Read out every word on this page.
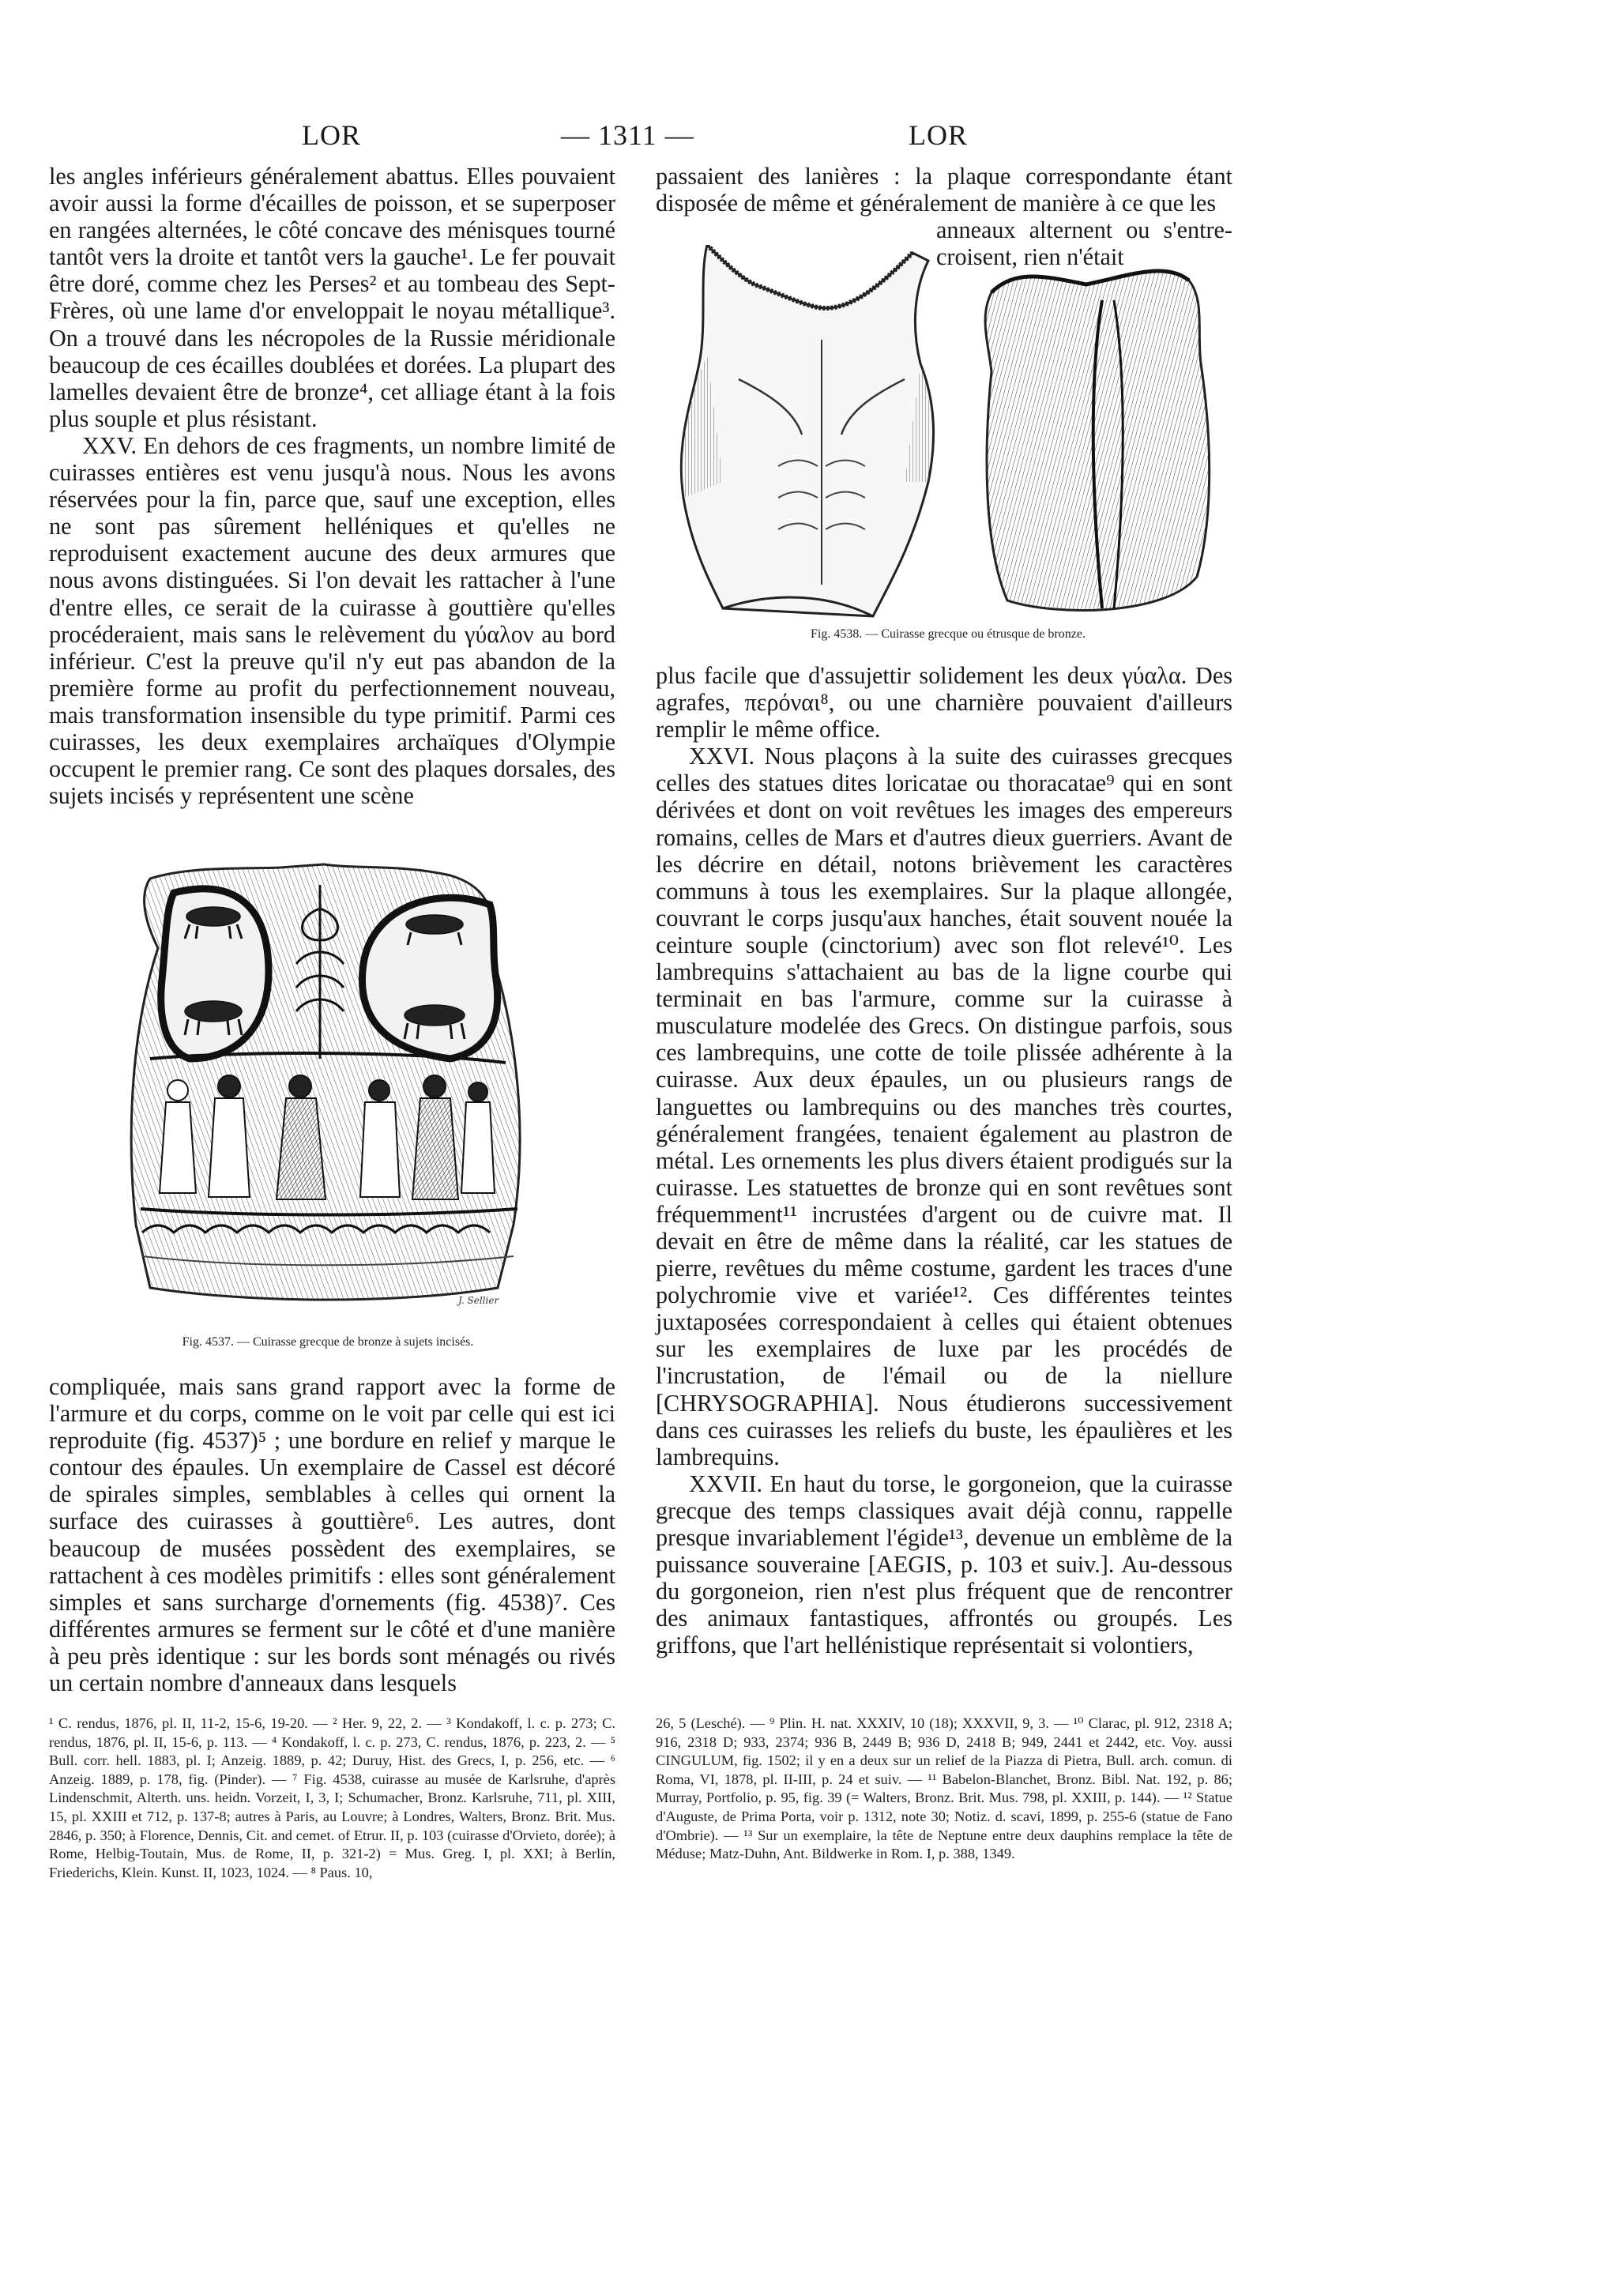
LOR	— 1311 —	LOR

les angles inférieurs généralement abattus. Elles pouvaient avoir aussi la forme d'écailles de poisson, et se superposer en rangées alternées, le côté concave des ménisques tourné tantôt vers la droite et tantôt vers la gauche¹. Le fer pouvait être doré, comme chez les Perses² et au tombeau des Sept-Frères, où une lame d'or enveloppait le noyau métallique³. On a trouvé dans les nécropoles de la Russie méridionale beaucoup de ces écailles doublées et dorées. La plupart des lamelles devaient être de bronze⁴, cet alliage étant à la fois plus souple et plus résistant.

XXV. En dehors de ces fragments, un nombre limité de cuirasses entières est venu jusqu'à nous. Nous les avons réservées pour la fin, parce que, sauf une exception, elles ne sont pas sûrement helléniques et qu'elles ne reproduisent exactement aucune des deux armures que nous avons distinguées. Si l'on devait les rattacher à l'une d'entre elles, ce serait de la cuirasse à gouttière qu'elles procéderaient, mais sans le relèvement du γύαλον au bord inférieur. C'est la preuve qu'il n'y eut pas abandon de la première forme au profit du perfectionnement nouveau, mais transformation insensible du type primitif. Parmi ces cuirasses, les deux exemplaires archaïques d'Olympie occupent le premier rang. Ce sont des plaques dorsales, des sujets incisés y représentent une scène

J. Sellier
Fig. 4537. — Cuirasse grecque de bronze à sujets incisés.

compliquée, mais sans grand rapport avec la forme de l'armure et du corps, comme on le voit par celle qui est ici reproduite (fig. 4537)⁵ ; une bordure en relief y marque le contour des épaules. Un exemplaire de Cassel est décoré de spirales simples, semblables à celles qui ornent la surface des cuirasses à gouttière⁶. Les autres, dont beaucoup de musées possèdent des exemplaires, se rattachent à ces modèles primitifs : elles sont généralement simples et sans surcharge d'ornements (fig. 4538)⁷. Ces différentes armures se ferment sur le côté et d'une manière à peu près identique : sur les bords sont ménagés ou rivés un certain nombre d'anneaux dans lesquels

passaient des lanières : la plaque correspondante étant disposée de même et généralement de manière à ce que les

anneaux alternent ou s'entre-croisent, rien n'était

Fig. 4538. — Cuirasse grecque ou étrusque de bronze.

plus facile que d'assujettir solidement les deux γύαλα. Des agrafes, περόναι⁸, ou une charnière pouvaient d'ailleurs remplir le même office.

XXVI. Nous plaçons à la suite des cuirasses grecques celles des statues dites loricatae ou thoracatae⁹ qui en sont dérivées et dont on voit revêtues les images des empereurs romains, celles de Mars et d'autres dieux guerriers. Avant de les décrire en détail, notons brièvement les caractères communs à tous les exemplaires. Sur la plaque allongée, couvrant le corps jusqu'aux hanches, était souvent nouée la ceinture souple (cinctorium) avec son flot relevé¹⁰. Les lambrequins s'attachaient au bas de la ligne courbe qui terminait en bas l'armure, comme sur la cuirasse à musculature modelée des Grecs. On distingue parfois, sous ces lambrequins, une cotte de toile plissée adhérente à la cuirasse. Aux deux épaules, un ou plusieurs rangs de languettes ou lambrequins ou des manches très courtes, généralement frangées, tenaient également au plastron de métal. Les ornements les plus divers étaient prodigués sur la cuirasse. Les statuettes de bronze qui en sont revêtues sont fréquemment¹¹ incrustées d'argent ou de cuivre mat. Il devait en être de même dans la réalité, car les statues de pierre, revêtues du même costume, gardent les traces d'une polychromie vive et variée¹². Ces différentes teintes juxtaposées correspondaient à celles qui étaient obtenues sur les exemplaires de luxe par les procédés de l'incrustation, de l'émail ou de la niellure [CHRYSOGRAPHIA]. Nous étudierons successivement dans ces cuirasses les reliefs du buste, les épaulières et les lambrequins.

XXVII. En haut du torse, le gorgoneion, que la cuirasse grecque des temps classiques avait déjà connu, rappelle presque invariablement l'égide¹³, devenue un emblème de la puissance souveraine [AEGIS, p. 103 et suiv.]. Au-dessous du gorgoneion, rien n'est plus fréquent que de rencontrer des animaux fantastiques, affrontés ou groupés. Les griffons, que l'art hellénistique représentait si volontiers,

¹ C. rendus, 1876, pl. II, 11-2, 15-6, 19-20. — ² Her. 9, 22, 2. — ³ Kondakoff, l. c. p. 273; C. rendus, 1876, pl. II, 15-6, p. 113. — ⁴ Kondakoff, l. c. p. 273, C. rendus, 1876, p. 223, 2. — ⁵ Bull. corr. hell. 1883, pl. I; Anzeig. 1889, p. 42; Duruy, Hist. des Grecs, I, p. 256, etc. — ⁶ Anzeig. 1889, p. 178, fig. (Pinder). — ⁷ Fig. 4538, cuirasse au musée de Karlsruhe, d'après Lindenschmit, Alterth. uns. heidn. Vorzeit, I, 3, I; Schumacher, Bronz. Karlsruhe, 711, pl. XIII, 15, pl. XXIII et 712, p. 137-8; autres à Paris, au Louvre; à Londres, Walters, Bronz. Brit. Mus. 2846, p. 350; à Florence, Dennis, Cit. and cemet. of Etrur. II, p. 103 (cuirasse d'Orvieto, dorée); à Rome, Helbig-Toutain, Mus. de Rome, II, p. 321-2) = Mus. Greg. I, pl. XXI; à Berlin, Friederichs, Klein. Kunst. II, 1023, 1024. — ⁸ Paus. 10,

26, 5 (Lesché). — ⁹ Plin. H. nat. XXXIV, 10 (18); XXXVII, 9, 3. — ¹⁰ Clarac, pl. 912, 2318 A; 916, 2318 D; 933, 2374; 936 B, 2449 B; 936 D, 2418 B; 949, 2441 et 2442, etc. Voy. aussi CINGULUM, fig. 1502; il y en a deux sur un relief de la Piazza di Pietra, Bull. arch. comun. di Roma, VI, 1878, pl. II-III, p. 24 et suiv. — ¹¹ Babelon-Blanchet, Bronz. Bibl. Nat. 192, p. 86; Murray, Portfolio, p. 95, fig. 39 (= Walters, Bronz. Brit. Mus. 798, pl. XXIII, p. 144). — ¹² Statue d'Auguste, de Prima Porta, voir p. 1312, note 30; Notiz. d. scavi, 1899, p. 255-6 (statue de Fano d'Ombrie). — ¹³ Sur un exemplaire, la tête de Neptune entre deux dauphins remplace la tête de Méduse; Matz-Duhn, Ant. Bildwerke in Rom. I, p. 388, 1349.
